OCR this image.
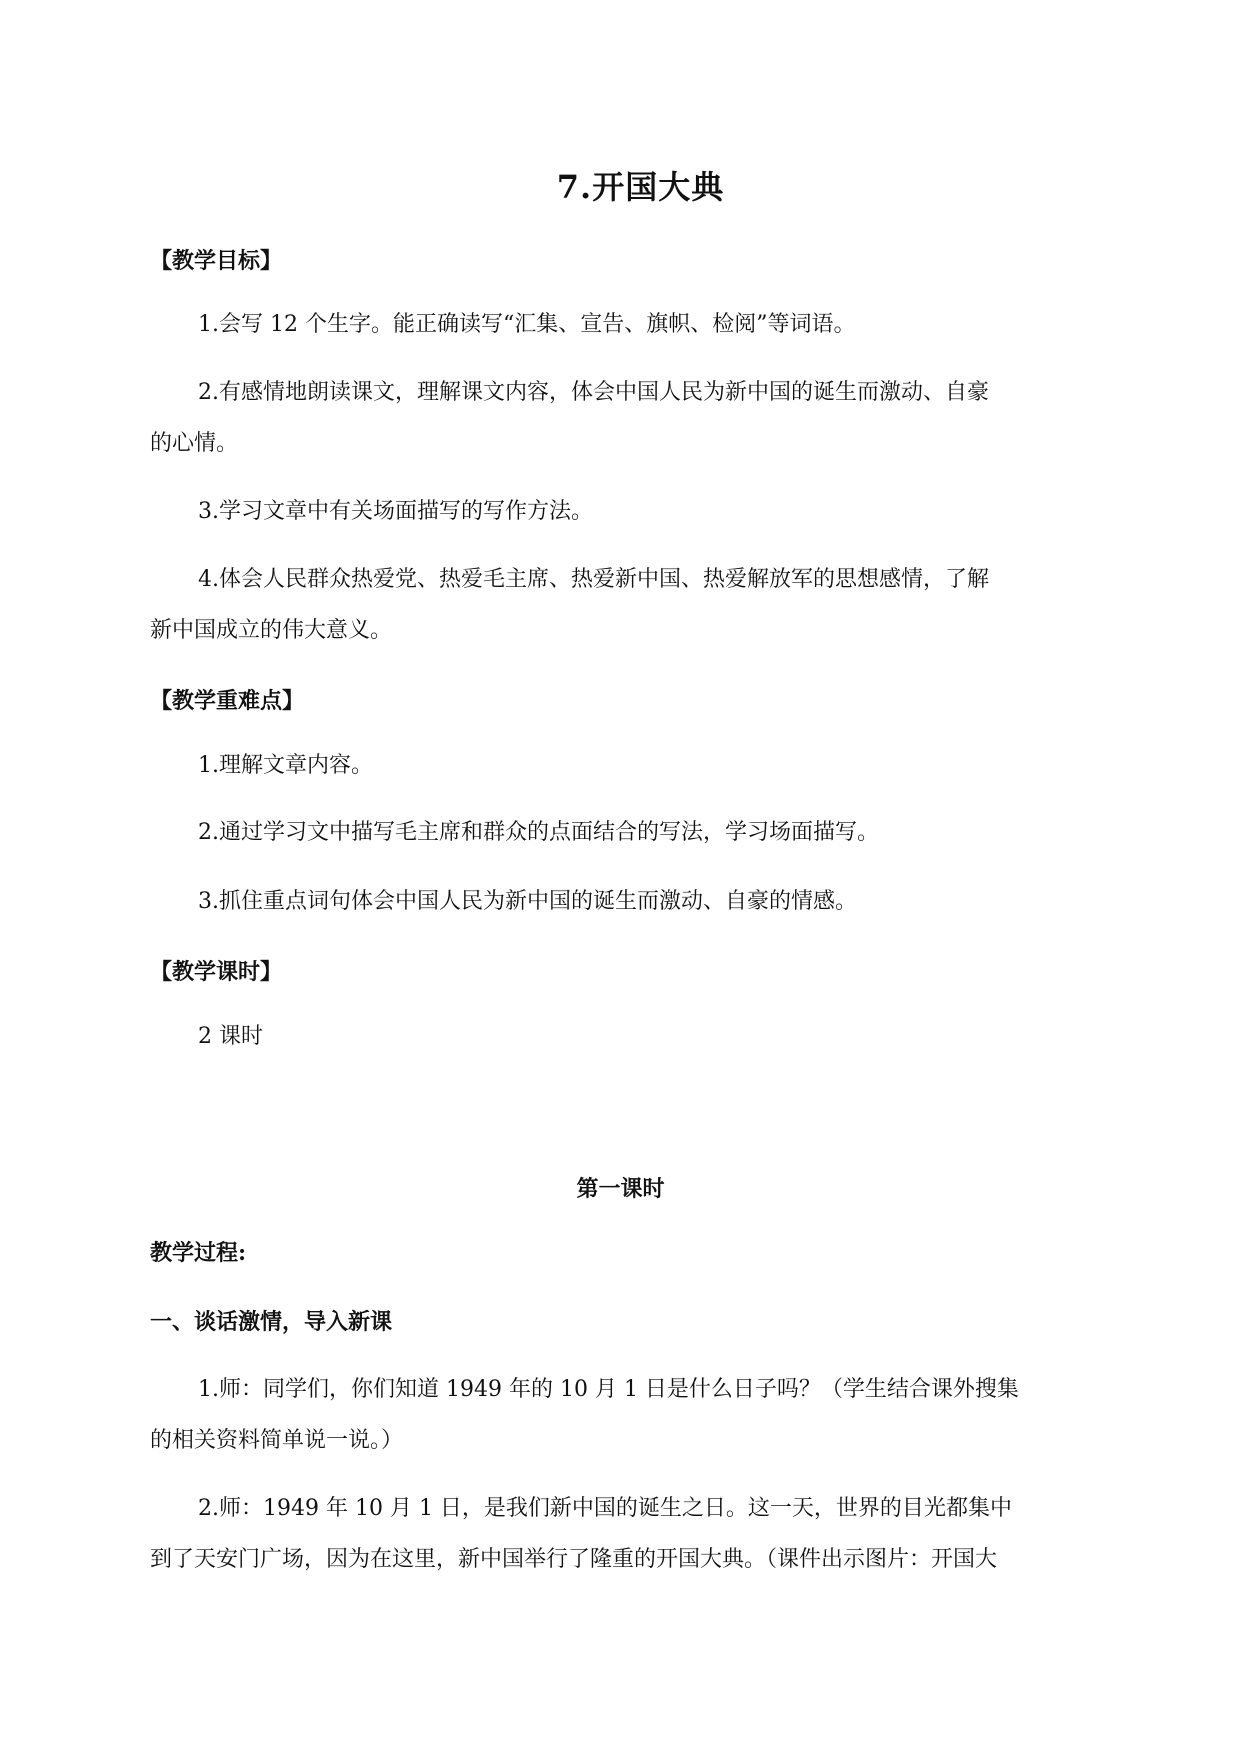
7.开国大典

【教学目标】

1.会写 12 个生字。能正确读写“汇集、宣告、旗帜、检阅”等词语。

2.有感情地朗读课文，理解课文内容，体会中国人民为新中国的诞生而激动、自豪

的心情。

3.学习文章中有关场面描写的写作方法。

4.体会人民群众热爱党、热爱毛主席、热爱新中国、热爱解放军的思想感情，了解

新中国成立的伟大意义。

【教学重难点】

1.理解文章内容。

2.通过学习文中描写毛主席和群众的点面结合的写法，学习场面描写。

3.抓住重点词句体会中国人民为新中国的诞生而激动、自豪的情感。

【教学课时】

2 课时

第一课时

教学过程:

一、谈话激情，导入新课

1.师：同学们，你们知道 1949 年的 10 月 1 日是什么日子吗？（学生结合课外搜集

的相关资料简单说一说。）

2.师：1949 年 10 月 1 日，是我们新中国的诞生之日。这一天，世界的目光都集中

到了天安门广场，因为在这里，新中国举行了隆重的开国大典。（课件出示图片：开国大
